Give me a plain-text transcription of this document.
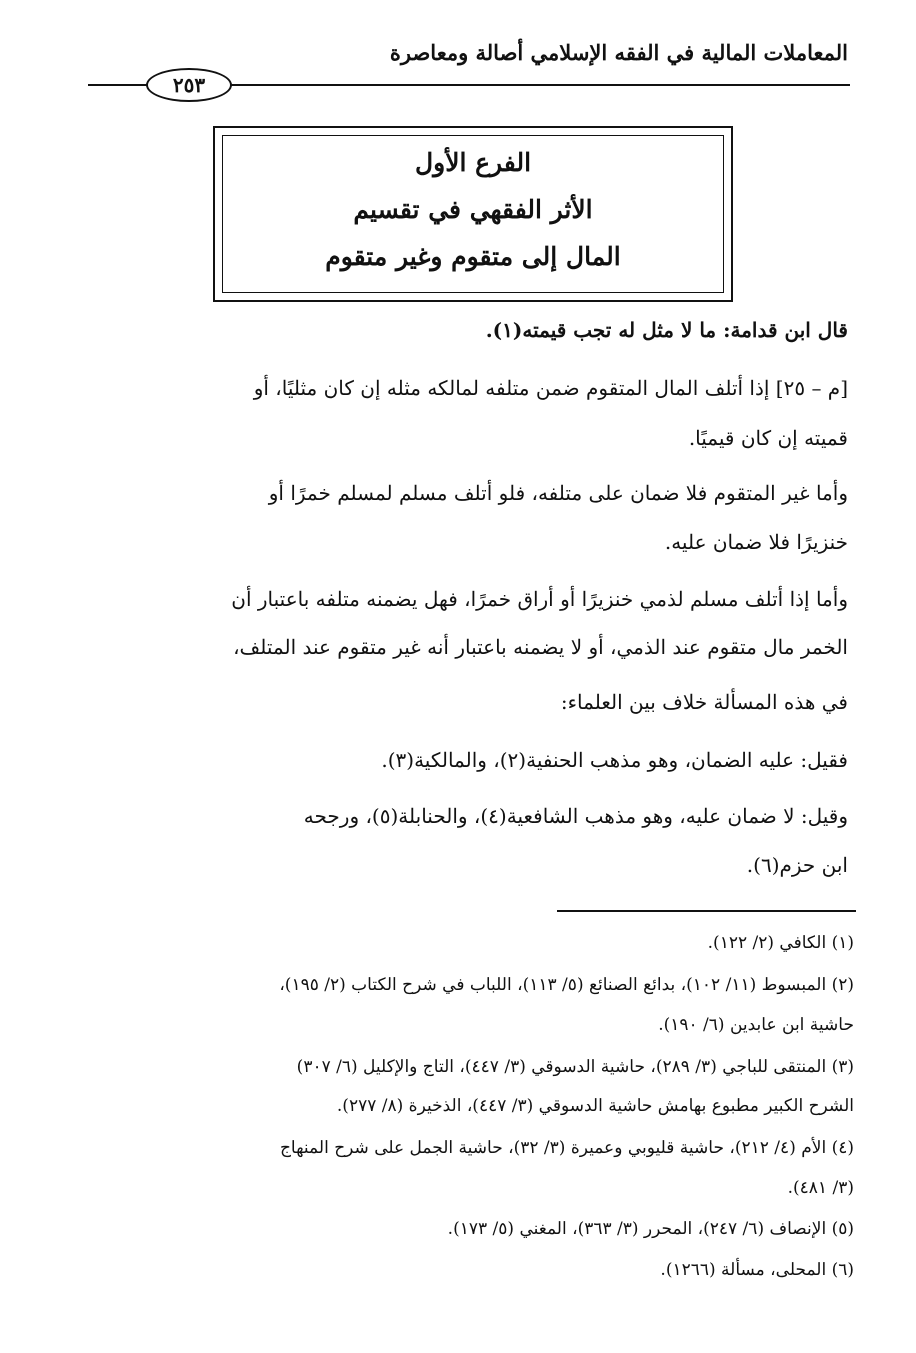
المعاملات المالية في الفقه الإسلامي أصالة ومعاصرة
٢٥٣
الفرع الأول
الأثر الفقهي في تقسيم
المال إلى متقوم وغير متقوم
قال ابن قدامة: ما لا مثل له تجب قيمته(١).
[م – ٢٥] إذا أتلف المال المتقوم ضمن متلفه لمالكه مثله إن كان مثليًا، أو
قميته إن كان قيميًا.
وأما غير المتقوم فلا ضمان على متلفه، فلو أتلف مسلم لمسلم خمرًا أو
خنزيرًا فلا ضمان عليه.
وأما إذا أتلف مسلم لذمي خنزيرًا أو أراق خمرًا، فهل يضمنه متلفه باعتبار أن
الخمر مال متقوم عند الذمي، أو لا يضمنه باعتبار أنه غير متقوم عند المتلف،
في هذه المسألة خلاف بين العلماء:
فقيل: عليه الضمان، وهو مذهب الحنفية(٢)، والمالكية(٣).
وقيل: لا ضمان عليه، وهو مذهب الشافعية(٤)، والحنابلة(٥)، ورجحه
ابن حزم(٦).
(١) الكافي (٢/ ١٢٢).
(٢) المبسوط (١١/ ١٠٢)، بدائع الصنائع (٥/ ١١٣)، اللباب في شرح الكتاب (٢/ ١٩٥)،
حاشية ابن عابدين (٦/ ١٩٠).
(٣) المنتقى للباجي (٣/ ٢٨٩)، حاشية الدسوقي (٣/ ٤٤٧)، التاج والإكليل (٦/ ٣٠٧)
الشرح الكبير مطبوع بهامش حاشية الدسوقي (٣/ ٤٤٧)، الذخيرة (٨/ ٢٧٧).
(٤) الأم (٤/ ٢١٢)، حاشية قليوبي وعميرة (٣/ ٣٢)، حاشية الجمل على شرح المنهاج
(٣/ ٤٨١).
(٥) الإنصاف (٦/ ٢٤٧)، المحرر (٣/ ٣٦٣)، المغني (٥/ ١٧٣).
(٦) المحلى، مسألة (١٢٦٦).
